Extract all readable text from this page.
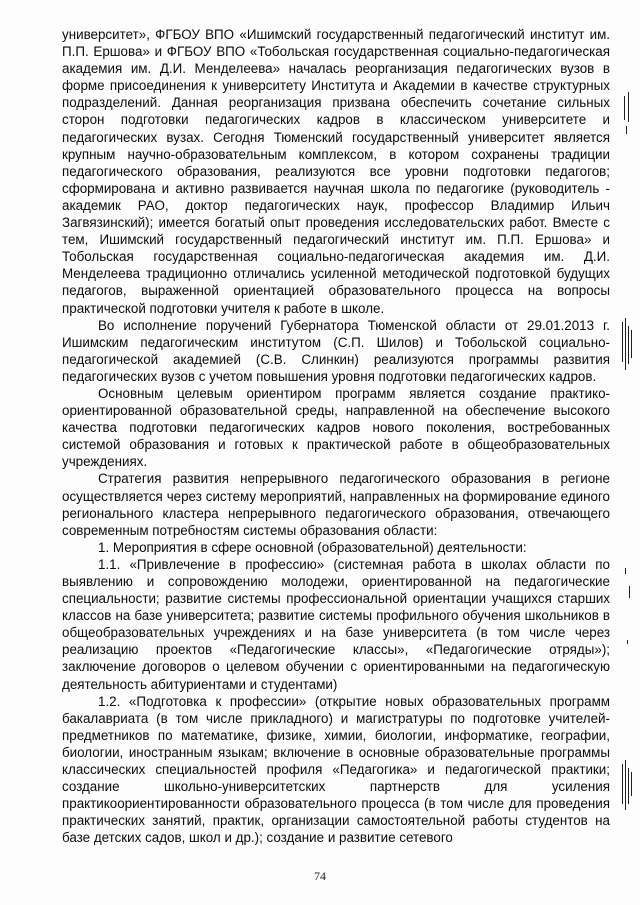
университет», ФГБОУ ВПО «Ишимский государственный педагогический институт им. П.П. Ершова» и ФГБОУ ВПО «Тобольская государственная социально-педагогическая академия им. Д.И. Менделеева» началась реорганизация педагогических вузов в форме присоединения к университету Института и Академии в качестве структурных подразделений. Данная реорганизация призвана обеспечить сочетание сильных сторон подготовки педагогических кадров в классическом университете и педагогических вузах. Сегодня Тюменский государственный университет является крупным научно-образовательным комплексом, в котором сохранены традиции педагогического образования, реализуются все уровни подготовки педагогов; сформирована и активно развивается научная школа по педагогике (руководитель - академик РАО, доктор педагогических наук, профессор Владимир Ильич Загвязинский); имеется богатый опыт проведения исследовательских работ. Вместе с тем, Ишимский государственный педагогический институт им. П.П. Ершова» и Тобольская государственная социально-педагогическая академия им. Д.И. Менделеева традиционно отличались усиленной методической подготовкой будущих педагогов, выраженной ориентацией образовательного процесса на вопросы практической подготовки учителя к работе в школе.

Во исполнение поручений Губернатора Тюменской области от 29.01.2013 г. Ишимским педагогическим институтом (С.П. Шилов) и Тобольской социально-педагогической академией (С.В. Слинкин) реализуются программы развития педагогических вузов с учетом повышения уровня подготовки педагогических кадров.

Основным целевым ориентиром программ является создание практико-ориентированной образовательной среды, направленной на обеспечение высокого качества подготовки педагогических кадров нового поколения, востребованных системой образования и готовых к практической работе в общеобразовательных учреждениях.

Стратегия развития непрерывного педагогического образования в регионе осуществляется через систему мероприятий, направленных на формирование единого регионального кластера непрерывного педагогического образования, отвечающего современным потребностям системы образования области:

1. Мероприятия в сфере основной (образовательной) деятельности:

1.1. «Привлечение в профессию» (системная работа в школах области по выявлению и сопровождению молодежи, ориентированной на педагогические специальности; развитие системы профессиональной ориентации учащихся старших классов на базе университета; развитие системы профильного обучения школьников в общеобразовательных учреждениях и на базе университета (в том числе через реализацию проектов «Педагогические классы», «Педагогические отряды»); заключение договоров о целевом обучении с ориентированными на педагогическую деятельность абитуриентами и студентами)

1.2. «Подготовка к профессии» (открытие новых образовательных программ бакалавриата (в том числе прикладного) и магистратуры по подготовке учителей-предметников по математике, физике, химии, биологии, информатике, географии, биологии, иностранным языкам; включение в основные образовательные программы классических специальностей профиля «Педагогика» и педагогической практики; создание школьно-университетских партнерств для усиления практикоориентированности образовательного процесса (в том числе для проведения практических занятий, практик, организации самостоятельной работы студентов на базе детских садов, школ и др.); создание и развитие сетевого

74
